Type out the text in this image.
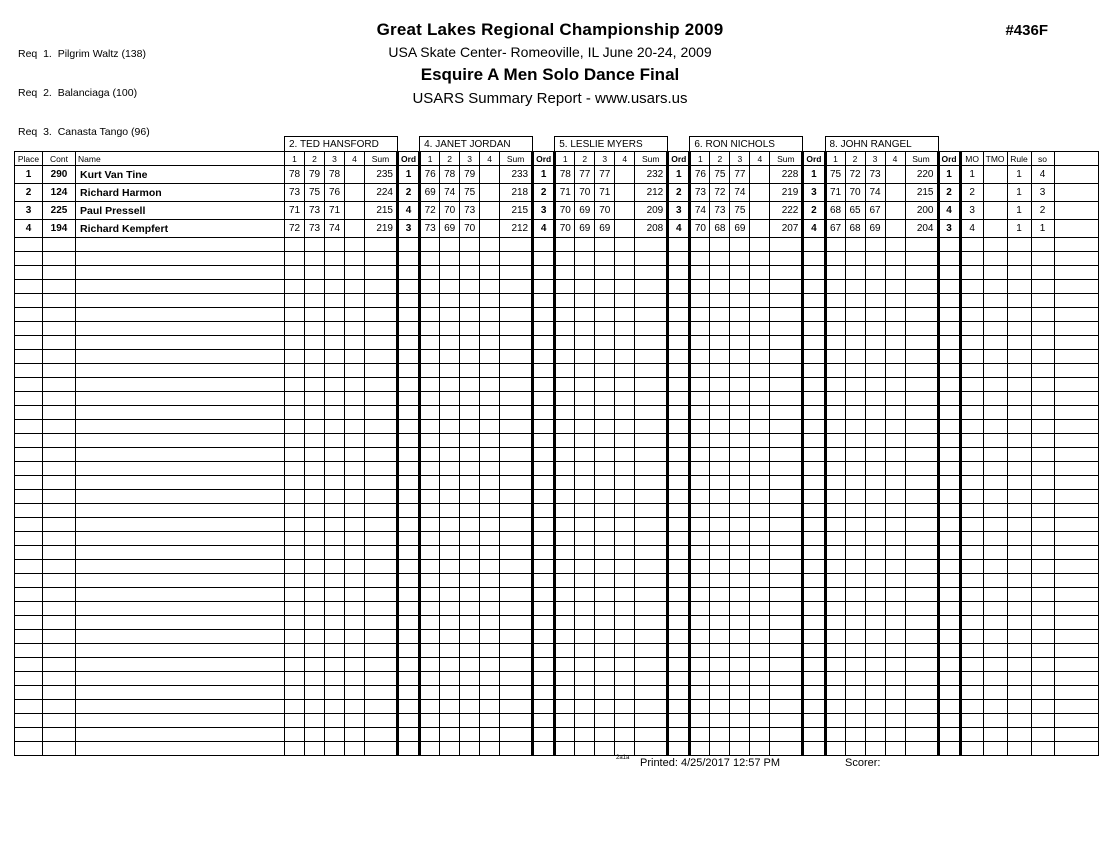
Req  1.  Pilgrim Waltz (138)

Req  2.  Balanciaga (100)

Req  3.  Canasta Tango (96)

Great Lakes Regional Championship 2009
USA Skate Center- Romeoville, IL June 20-24, 2009
Esquire A Men Solo Dance Final
USARS Summary Report - www.usars.us
#436F
			2. TED HANSFORD						4. JANET JORDAN						5. LESLIE MYERS						6. RON NICHOLS						8. JOHN RANGEL										
Place	Cont	Name	1	2	3	4	Sum	Ord	1	2	3	4	Sum	Ord	1	2	3	4	Sum	Ord	1	2	3	4	Sum	Ord	1	2	3	4	Sum	Ord	MO	TMO	Rule	so	
1	290	Kurt Van Tine	78	79	78		235	1	76	78	79		233	1	78	77	77		232	1	76	75	77		228	1	75	72	73		220	1	1		1	4	
2	124	Richard Harmon	73	75	76		224	2	69	74	75		218	2	71	70	71		212	2	73	72	74		219	3	71	70	74		215	2	2		1	3	
3	225	Paul Pressell	71	73	71		215	4	72	70	73		215	3	70	69	70		209	3	74	73	75		222	2	68	65	67		200	4	3		1	2	
4	194	Richard Kempfert	72	73	74		219	3	73	69	70		212	4	70	69	69		208	4	70	68	69		207	4	67	68	69		204	3	4		1	1	

2a1a Printed: 4/25/2017 12:57 PM	Scorer:
